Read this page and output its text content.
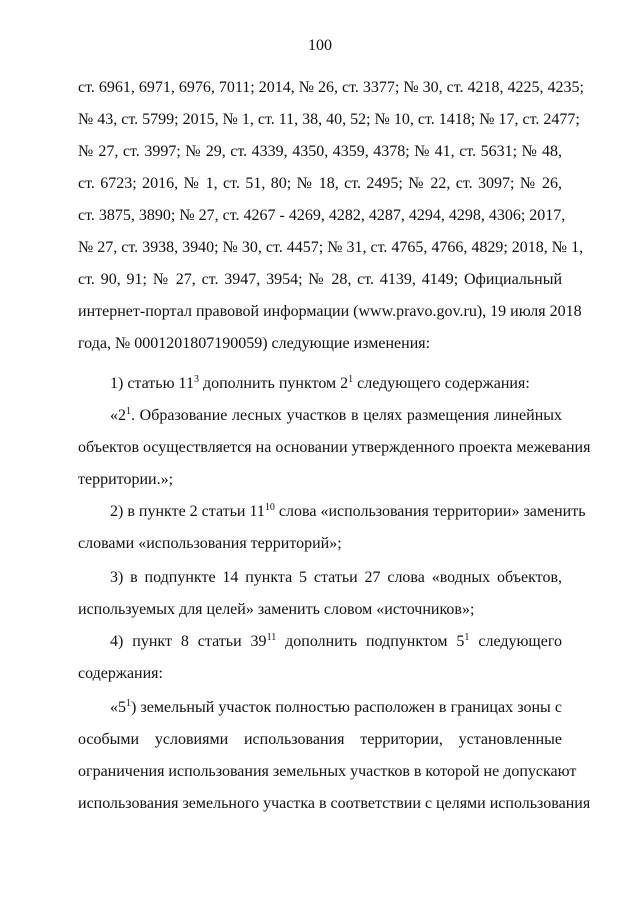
100
ст. 6961, 6971, 6976, 7011; 2014, № 26, ст. 3377; № 30, ст. 4218, 4225, 4235;
№ 43, ст. 5799; 2015, № 1, ст. 11, 38, 40, 52; № 10, ст. 1418; № 17, ст. 2477;
№ 27, ст. 3997; № 29, ст. 4339, 4350, 4359, 4378; № 41, ст. 5631; № 48,
ст. 6723; 2016, № 1, ст. 51, 80; № 18, ст. 2495; № 22, ст. 3097; № 26,
ст. 3875, 3890; № 27, ст. 4267 - 4269, 4282, 4287, 4294, 4298, 4306; 2017,
№ 27, ст. 3938, 3940; № 30, ст. 4457; № 31, ст. 4765, 4766, 4829; 2018, № 1,
ст. 90, 91; № 27, ст. 3947, 3954; № 28, ст. 4139, 4149; Официальный
интернет-портал правовой информации (www.pravo.gov.ru), 19 июля 2018
года, № 0001201807190059) следующие изменения:
1) статью $11^3$ дополнить пунктом $2^1$ следующего содержания:
«$2^1$. Образование лесных участков в целях размещения линейных
объектов осуществляется на основании утвержденного проекта межевания
территории.»;
2) в пункте 2 статьи $11^{10}$ слова «использования территории» заменить
словами «использования территорий»;
3) в подпункте 14 пункта 5 статьи 27 слова «водных объектов,
используемых для целей» заменить словом «источников»;
4) пункт 8 статьи $39^{11}$ дополнить подпунктом $5^1$ следующего
содержания:
«$5^1$) земельный участок полностью расположен в границах зоны с
особыми условиями использования территории, установленные
ограничения использования земельных участков в которой не допускают
использования земельного участка в соответствии с целями использования
